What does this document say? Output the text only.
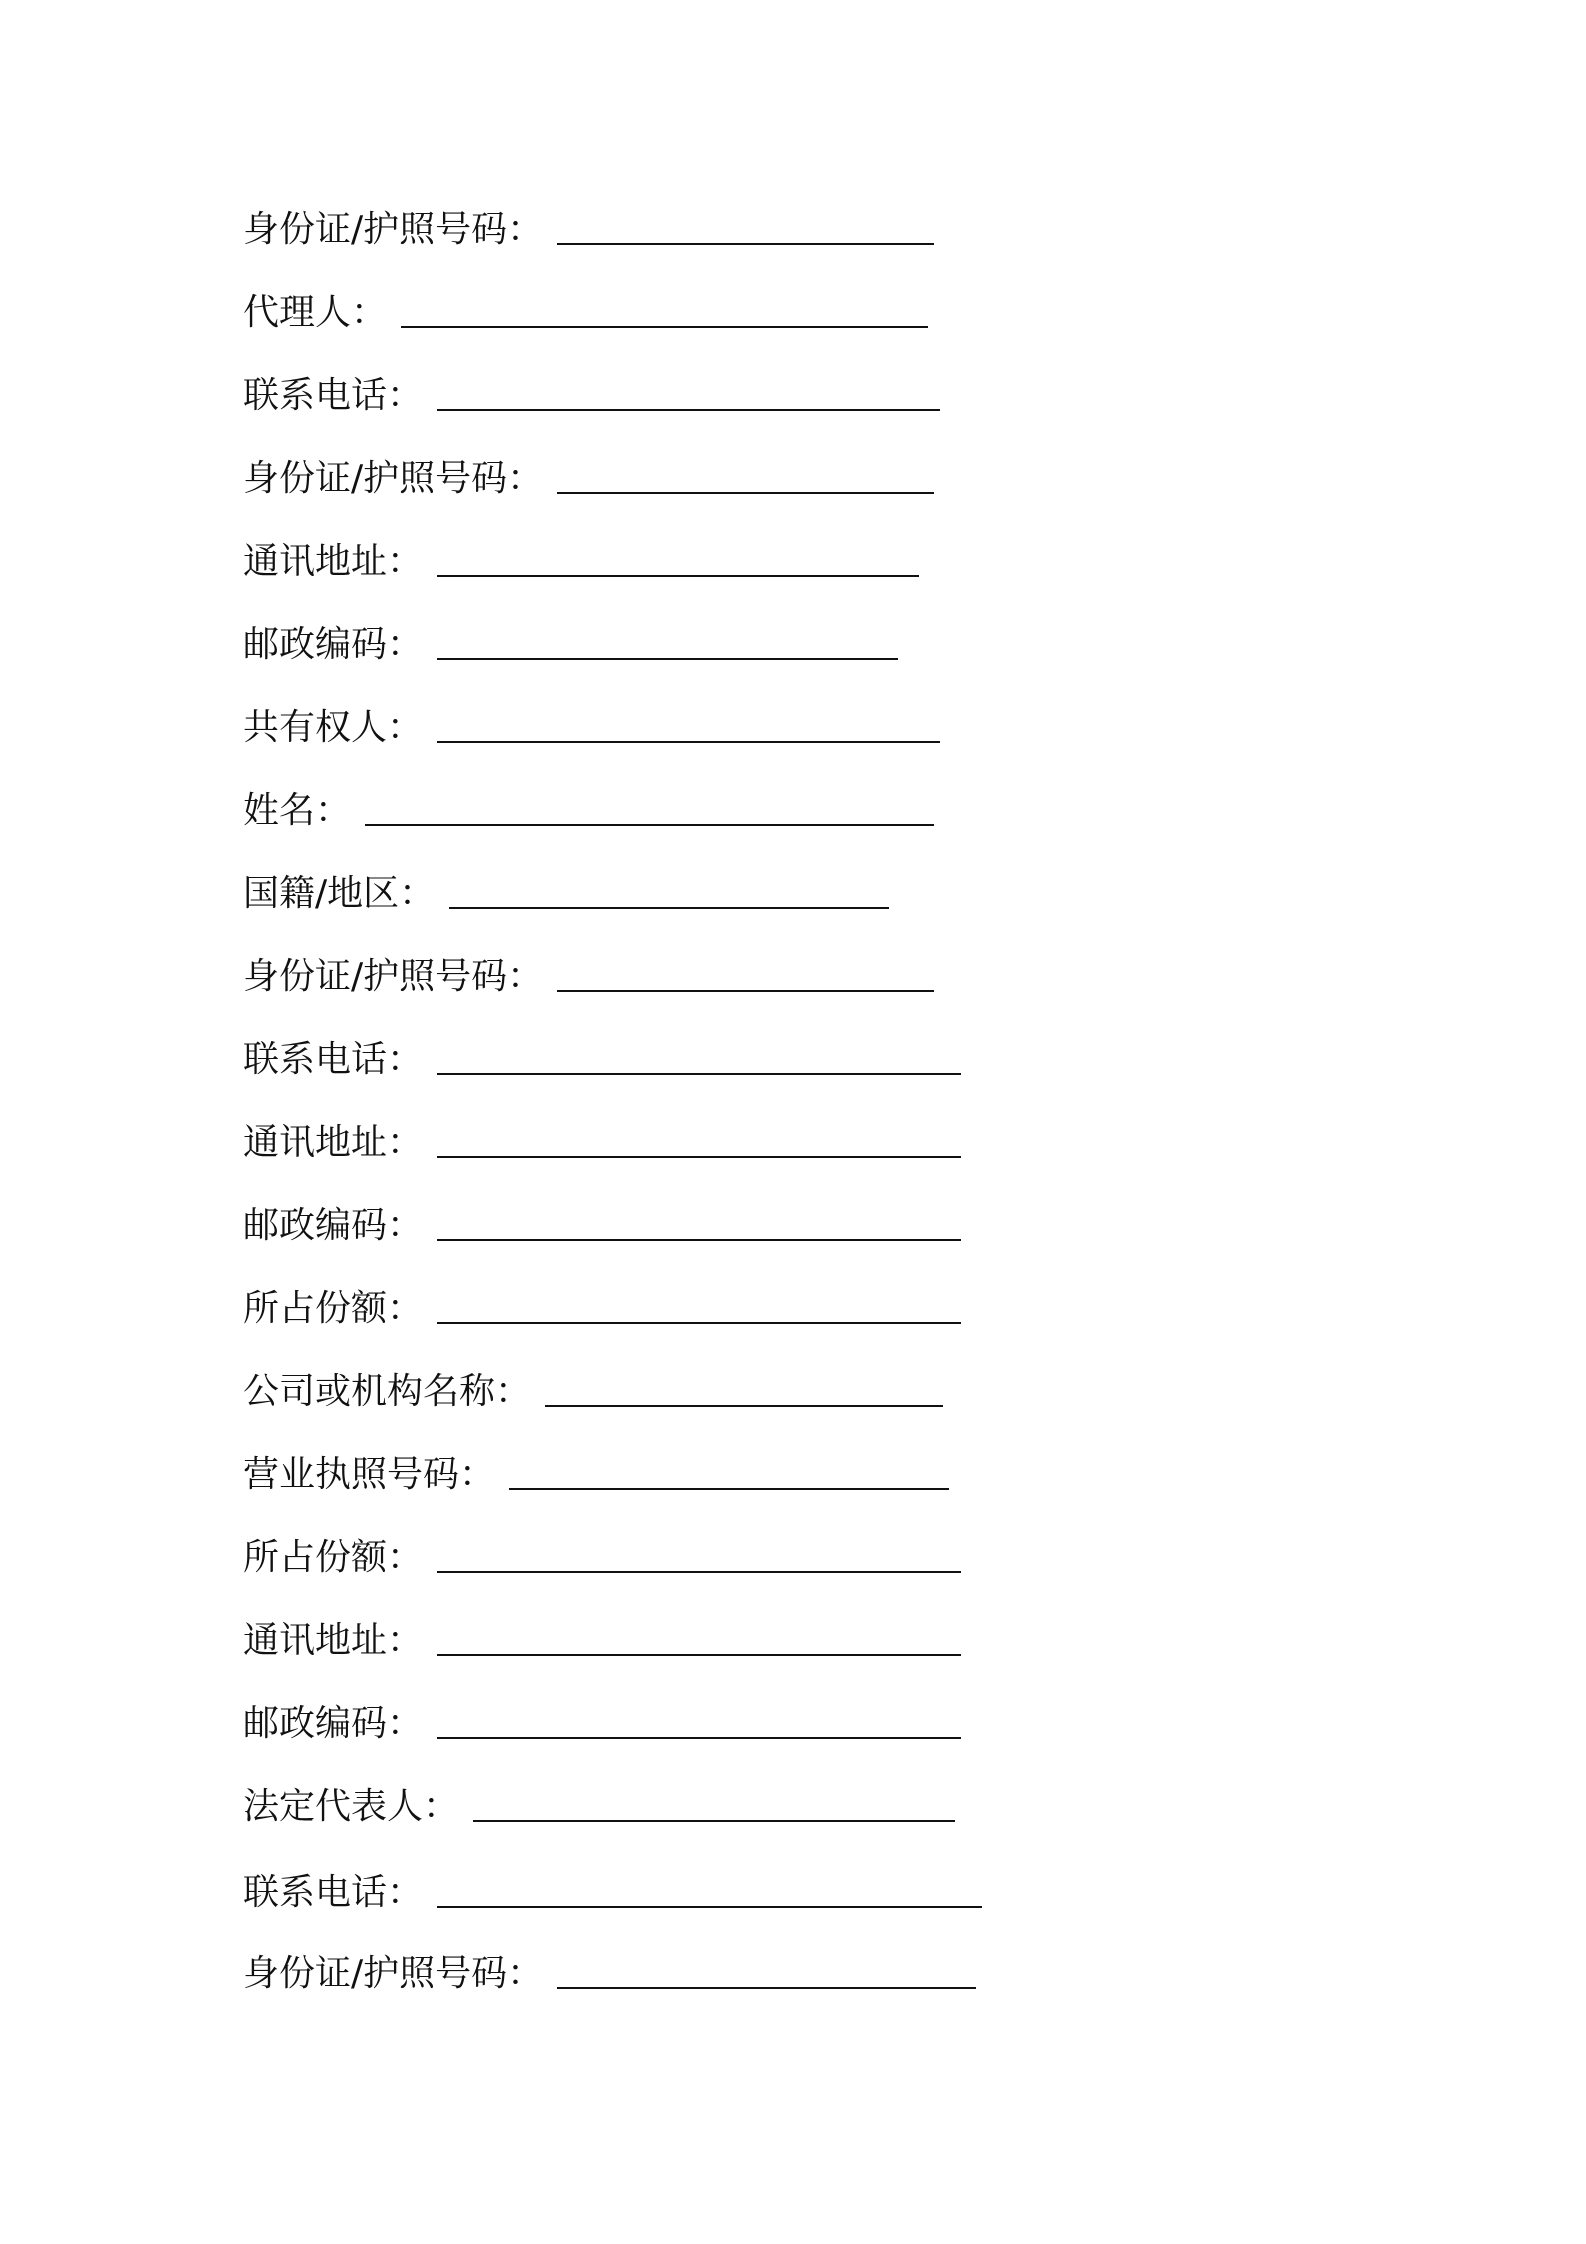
身份证/护照号码 ：
代理人 ：
联系电话 ：
身份证/护照号码 ：
通讯地址 ：
邮政编码 ：
共有权人 ：
姓名 ：
国籍/地区 ：
身份证/护照号码 ：
联系电话 ：
通讯地址 ：
邮政编码 ：
所占份额 ：
公司或机构名称 ：
营业执照号码 ：
所占份额 ：
通讯地址 ：
邮政编码 ：
法定代表人 ：
联系电话 ：
身份证/护照号码 ：
